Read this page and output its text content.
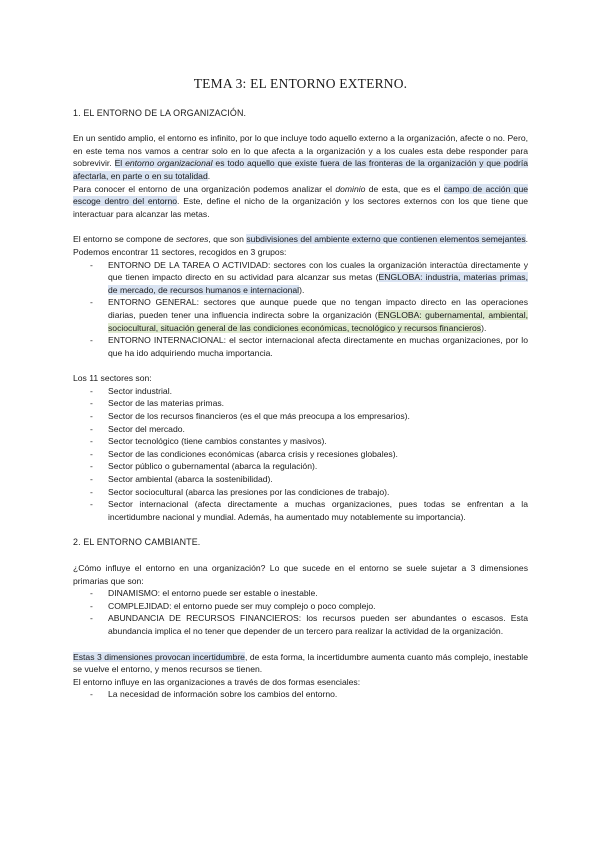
TEMA 3: EL ENTORNO EXTERNO.
1. EL ENTORNO DE LA ORGANIZACIÓN.

En un sentido amplio, el entorno es infinito, por lo que incluye todo aquello externo a la organización, afecte o no. Pero, en este tema nos vamos a centrar solo en lo que afecta a la organización y a los cuales esta debe responder para sobrevivir. El entorno organizacional es todo aquello que existe fuera de las fronteras de la organización y que podría afectarla, en parte o en su totalidad.

Para conocer el entorno de una organización podemos analizar el dominio de esta, que es el campo de acción que escoge dentro del entorno. Este, define el nicho de la organización y los sectores externos con los que tiene que interactuar para alcanzar las metas.

El entorno se compone de sectores, que son subdivisiones del ambiente externo que contienen elementos semejantes. Podemos encontrar 11 sectores, recogidos en 3 grupos:

- ENTORNO DE LA TAREA O ACTIVIDAD: sectores con los cuales la organización interactúa directamente y que tienen impacto directo en su actividad para alcanzar sus metas (ENGLOBA: industria, materias primas, de mercado, de recursos humanos e internacional).
- ENTORNO GENERAL: sectores que aunque puede que no tengan impacto directo en las operaciones diarias, pueden tener una influencia indirecta sobre la organización (ENGLOBA: gubernamental, ambiental, sociocultural, situación general de las condiciones económicas, tecnológico y recursos financieros).
- ENTORNO INTERNACIONAL: el sector internacional afecta directamente en muchas organizaciones, por lo que ha ido adquiriendo mucha importancia.

Los 11 sectores son:

- Sector industrial.
- Sector de las materias primas.
- Sector de los recursos financieros (es el que más preocupa a los empresarios).
- Sector del mercado.
- Sector tecnológico (tiene cambios constantes y masivos).
- Sector de las condiciones económicas (abarca crisis y recesiones globales).
- Sector público o gubernamental (abarca la regulación).
- Sector ambiental (abarca la sostenibilidad).
- Sector sociocultural (abarca las presiones por las condiciones de trabajo).
- Sector internacional (afecta directamente a muchas organizaciones, pues todas se enfrentan a la incertidumbre nacional y mundial. Además, ha aumentado muy notablemente su importancia).
2. EL ENTORNO CAMBIANTE.

¿Cómo influye el entorno en una organización? Lo que sucede en el entorno se suele sujetar a 3 dimensiones primarias que son:

- DINAMISMO: el entorno puede ser estable o inestable.
- COMPLEJIDAD: el entorno puede ser muy complejo o poco complejo.
- ABUNDANCIA DE RECURSOS FINANCIEROS: los recursos pueden ser abundantes o escasos. Esta abundancia implica el no tener que depender de un tercero para realizar la actividad de la organización.

Estas 3 dimensiones provocan incertidumbre, de esta forma, la incertidumbre aumenta cuanto más complejo, inestable se vuelve el entorno, y menos recursos se tienen.

El entorno influye en las organizaciones a través de dos formas esenciales:

- La necesidad de información sobre los cambios del entorno.
